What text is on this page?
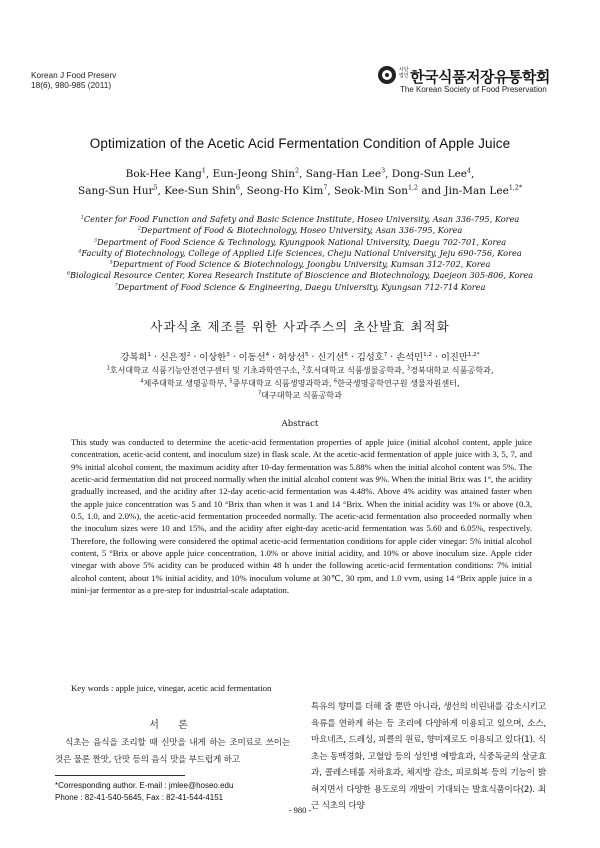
Korean J Food Preserv
18(6), 980-985 (2011)
사단 법인 한국식품저장유통학회
The Korean Society of Food Preservation
Optimization of the Acetic Acid Fermentation Condition of Apple Juice
Bok-Hee Kang$^1$, Eun-Jeong Shin$^2$, Sang-Han Lee$^3$, Dong-Sun Lee$^4$,
Sang-Sun Hur$^5$, Kee-Sun Shin$^6$, Seong-Ho Kim$^7$, Seok-Min Son$^{1,2}$ and Jin-Man Lee$^{1,2*}$
$^1$Center for Food Function and Safety and Basic Science Institute, Hoseo University, Asan 336-795, Korea
$^2$Department of Food & Biotechnology, Hoseo University, Asan 336-795, Korea
$^3$Department of Food Science & Technology, Kyungpook National University, Daegu 702-701, Korea
$^4$Faculty of Biotechnology, College of Applied Life Sciences, Cheju National University, Jeju 690-756, Korea
$^5$Department of Food Science & Biotechnology, Joongbu University, Kumsan 312-702, Korea
$^6$Biological Resource Center, Korea Research Institute of Bioscience and Biotechnology, Daejeon 305-806, Korea
$^7$Department of Food Science & Engineering, Daegu University, Kyungsan 712-714 Korea
사과식초 제조를 위한 사과주스의 초산발효 최적화
강복희$^1$ · 신은정$^2$ · 이상한$^3$ · 이동선$^4$ · 허상선$^5$ · 신기선$^6$ · 김성호$^7$ · 손석민$^{1,2}$ · 이진만$^{1,2*}$
$^1$호서대학교 식품기능안전연구센터 및 기초과학연구소, $^2$호서대학교 식품생물공학과, $^3$경북대학교 식품공학과,
$^4$제주대학교 생명공학부, $^5$중부대학교 식품생명과학과, $^6$한국생명공학연구원 생물자원센터,
$^7$대구대학교 식품공학과
Abstract
This study was conducted to determine the acetic-acid fermentation properties of apple juice (initial alcohol content, apple juice concentration, acetic-acid content, and inoculum size) in flask scale. At the acetic-acid fermentation of apple juice with 3, 5, 7, and 9% initial alcohol content, the maximum acidity after 10-day fermentation was 5.88% when the initial alcohol content was 5%. The acetic-acid fermentation did not proceed normally when the initial alcohol content was 9%. When the initial Brix was 1°, the acidity gradually increased, and the acidity after 12-day acetic-acid fermentation was 4.48%. Above 4% acidity was attained faster when the apple juice concentration was 5 and 10 °Brix than when it was 1 and 14 °Brix. When the initial acidity was 1% or above (0.3, 0.5, 1.0, and 2.0%), the acetic-acid fermentation proceeded normally. The acetic-acid fermentation also proceeded normally when the inoculum sizes were 10 and 15%, and the acidity after eight-day acetic-acid fermentation was 5.60 and 6.05%, respectively. Therefore, the following were considered the optimal acetic-acid fermentation conditions for apple cider vinegar: 5% initial alcohol content, 5 °Brix or above apple juice concentration, 1.0% or above initial acidity, and 10% or above inoculum size. Apple cider vinegar with above 5% acidity can be produced within 48 h under the following acetic-acid fermentation conditions: 7% initial alcohol content, about 1% initial acidity, and 10% inoculum volume at 30℃, 30 rpm, and 1.0 vvm, using 14 °Brix apple juice in a mini-jar fermentor as a pre-step for industrial-scale adaptation.
Key words : apple juice, vinegar, acetic acid fermentation
서 론

식초는 음식을 조리할 때 신맛을 내게 하는 조미료로 쓰이는 것은 물론 짠맛, 단맛 등의 음식 맛을 부드럽게 하고

특유의 향미를 더해 줄 뿐만 아니라, 생선의 비린내를 감소시키고 육류를 연하게 하는 등 조리에 다양하게 이용되고 있으며, 소스, 마요네즈, 드레싱, 피클의 원료, 향미제로도 이용되고 있다(1). 식초는 동맥경화, 고혈압 등의 성인병 예방효과, 식중독균의 살균효과, 콜레스테롤 저하효과, 체지방 감소, 피로회복 등의 기능이 밝혀지면서 다양한 용도로의 개발이 기대되는 발효식품이다(2). 최근 식초의 다양

*Corresponding author. E-mail : jmlee@hoseo.edu
Phone : 82-41-540-5645, Fax : 82-41-544-4151
- 980 -
